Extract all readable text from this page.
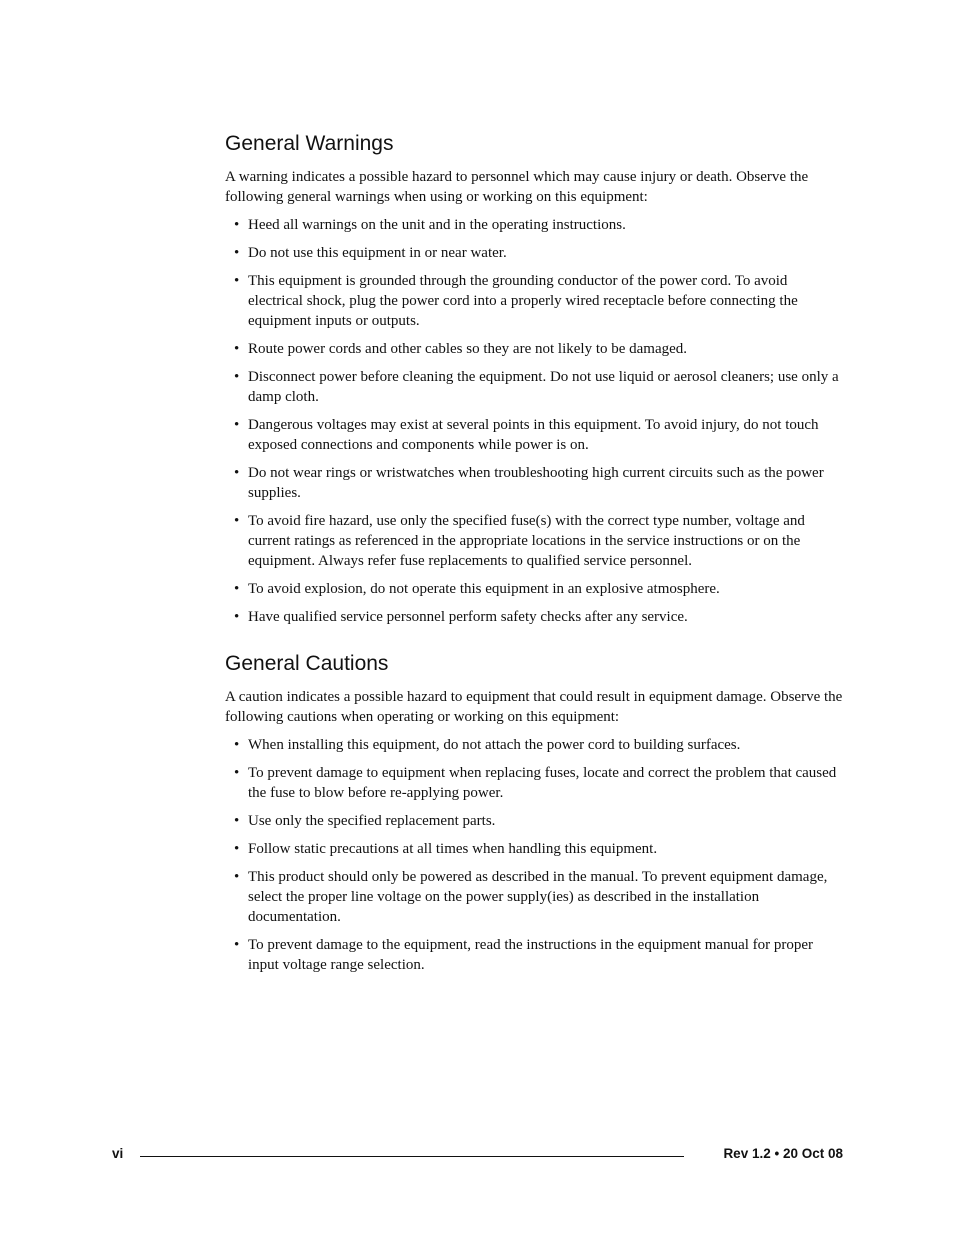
General Warnings

A warning indicates a possible hazard to personnel which may cause injury or death. Observe the following general warnings when using or working on this equipment:

• Heed all warnings on the unit and in the operating instructions.
• Do not use this equipment in or near water.
• This equipment is grounded through the grounding conductor of the power cord. To avoid electrical shock, plug the power cord into a properly wired receptacle before connecting the equipment inputs or outputs.
• Route power cords and other cables so they are not likely to be damaged.
• Disconnect power before cleaning the equipment. Do not use liquid or aerosol cleaners; use only a damp cloth.
• Dangerous voltages may exist at several points in this equipment. To avoid injury, do not touch exposed connections and components while power is on.
• Do not wear rings or wristwatches when troubleshooting high current circuits such as the power supplies.
• To avoid fire hazard, use only the specified fuse(s) with the correct type number, voltage and current ratings as referenced in the appropriate locations in the service instructions or on the equipment. Always refer fuse replacements to qualified service personnel.
• To avoid explosion, do not operate this equipment in an explosive atmosphere.
• Have qualified service personnel perform safety checks after any service.
General Cautions

A caution indicates a possible hazard to equipment that could result in equipment damage. Observe the following cautions when operating or working on this equipment:

• When installing this equipment, do not attach the power cord to building surfaces.
• To prevent damage to equipment when replacing fuses, locate and correct the problem that caused the fuse to blow before re-applying power.
• Use only the specified replacement parts.
• Follow static precautions at all times when handling this equipment.
• This product should only be powered as described in the manual. To prevent equipment damage, select the proper line voltage on the power supply(ies) as described in the installation documentation.
• To prevent damage to the equipment, read the instructions in the equipment manual for proper input voltage range selection.
vi	Rev 1.2 • 20 Oct 08
